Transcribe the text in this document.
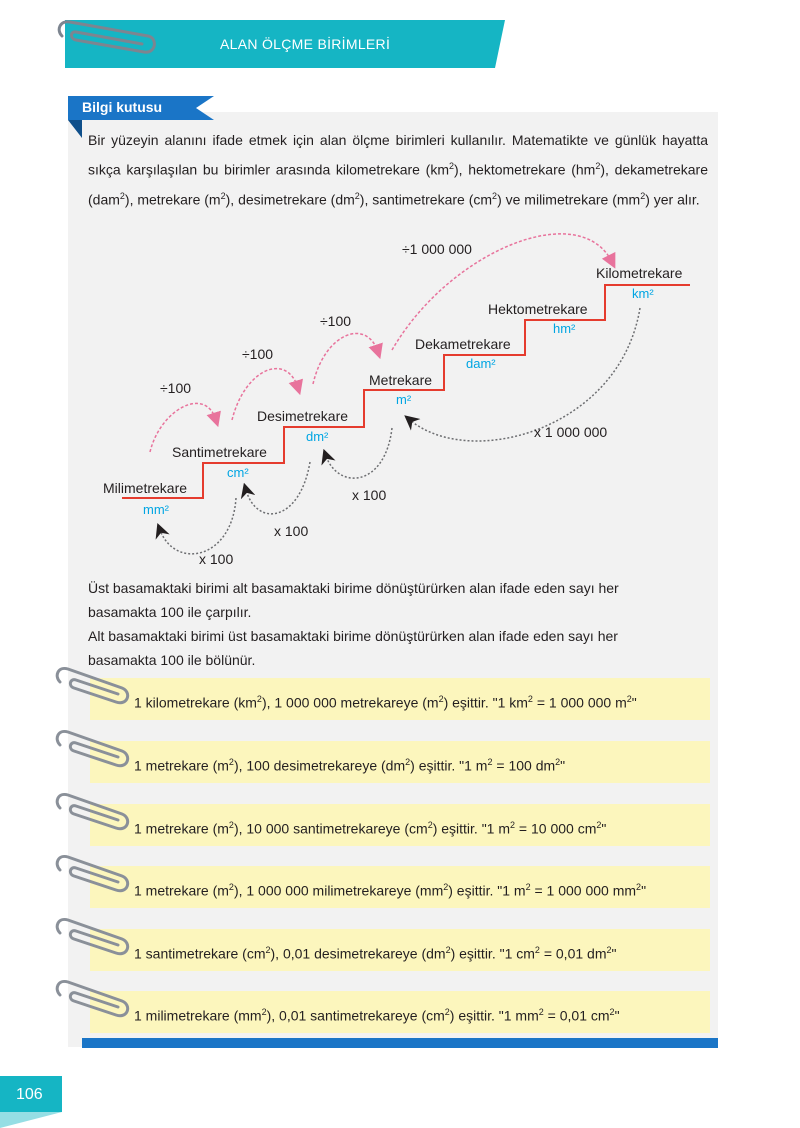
ALAN ÖLÇME BİRİMLERİ
Bilgi kutusu
Bir yüzeyin alanını ifade etmek için alan ölçme birimleri kullanılır. Matematikte ve günlük hayatta sıkça karşılaşılan bu birimler arasında kilometrekare $(km^2)$, hektometrekare $(hm^2)$, dekametrekare (dam$^2$), metrekare $(m^2)$, desimetrekare $(dm^2)$, santimetrekare $(cm^2)$ ve milimetrekare $(mm^2)$ yer alır.
Milimetrekare
Santimetrekare
Desimetrekare
Metrekare
Dekametrekare
Hektometrekare
Kilometrekare
mm²
cm²
dm²
m²
dam²
hm²
km²
÷100
÷100
÷100
÷1 000 000
x 100
x 100
x 100
x 1 000 000
Üst basamaktaki birimi alt basamaktaki birime dönüştürürken alan ifade eden sayı her
basamakta 100 ile çarpılır.
Alt basamaktaki birimi üst basamaktaki birime dönüştürürken alan ifade eden sayı her
basamakta 100 ile bölünür.
1 kilometrekare $(km^2)$, 1 000 000 metrekareye $(m^2)$ eşittir. "1 $km^2 = 1$ 000 000 $m^2$"
1 metrekare $(m^2)$, 100 desimetrekareye $(dm^2)$ eşittir. "1 $m^2 = 100$ $dm^2$"
1 metrekare $(m^2)$, 10 000 santimetrekareye $(cm^2)$ eşittir. "1 $m^2 = 10$ 000 $cm^2$"
1 metrekare $(m^2)$, 1 000 000 milimetrekareye $(mm^2)$ eşittir. "1 $m^2 = 1$ 000 000 $mm^2$"
1 santimetrekare $(cm^2)$, 0,01 desimetrekareye $(dm^2)$ eşittir. "1 $cm^2 = 0,01$ $dm^2$"
1 milimetrekare $(mm^2)$, 0,01 santimetrekareye $(cm^2)$ eşittir. "1 $mm^2 = 0,01$ $cm^2$"
106
